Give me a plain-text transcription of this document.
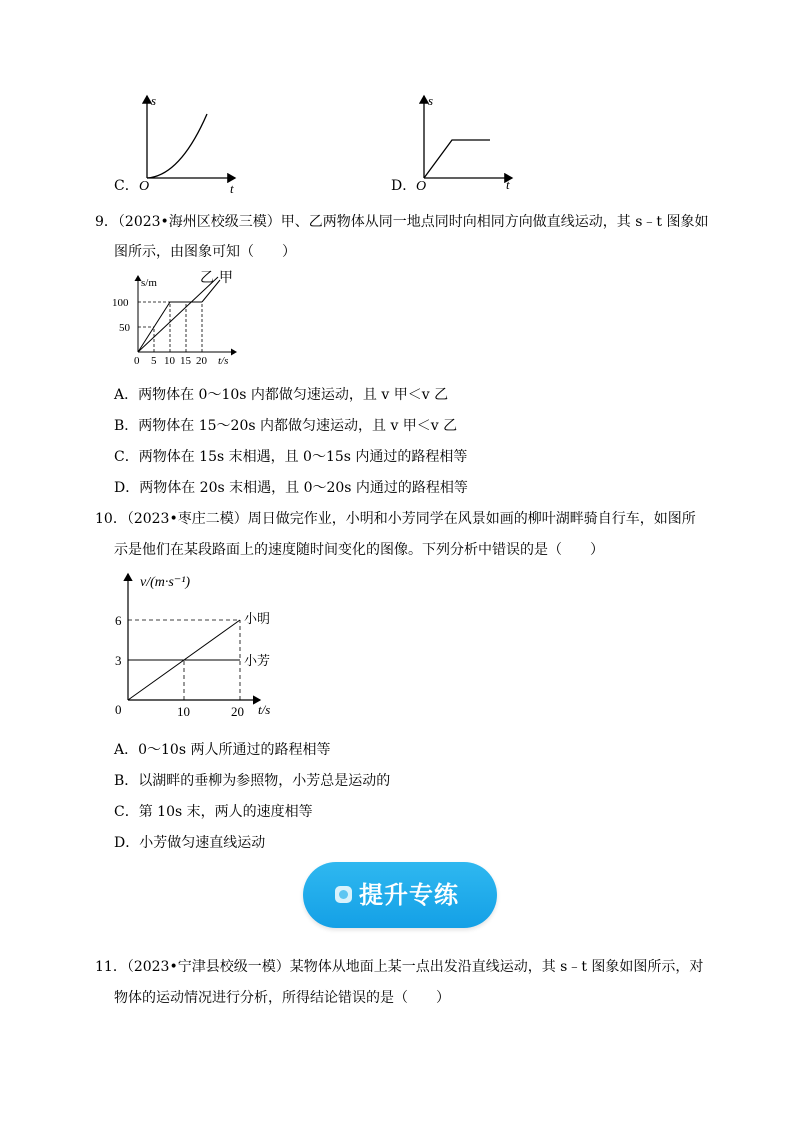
C．
s
t
O	D．
s
t
O
9．（2023•海州区校级三模）甲、乙两物体从同一地点同时向相同方向做直线运动，其 s﹣t 图象如
图所示，由图象可知（　　）
乙 甲
s/m
100
50
0 5 10 15 20 t/s
A．两物体在 0～10s 内都做匀速运动，且 v 甲＜v 乙
B．两物体在 15～20s 内都做匀速运动，且 v 甲＜v 乙
C．两物体在 15s 末相遇，且 0～15s 内通过的路程相等
D．两物体在 20s 末相遇，且 0～20s 内通过的路程相等
10．（2023•枣庄二模）周日做完作业，小明和小芳同学在风景如画的柳叶湖畔骑自行车，如图所
示是他们在某段路面上的速度随时间变化的图像。下列分析中错误的是（　　）
v/(m·s⁻¹)
6
3
0	10	20 t/s
小明
小芳
A．0～10s 两人所通过的路程相等
B．以湖畔的垂柳为参照物，小芳总是运动的
C．第 10s 末，两人的速度相等
D．小芳做匀速直线运动
提升专练
11．（2023•宁津县校级一模）某物体从地面上某一点出发沿直线运动，其 s﹣t 图象如图所示，对
物体的运动情况进行分析，所得结论错误的是（　　）
